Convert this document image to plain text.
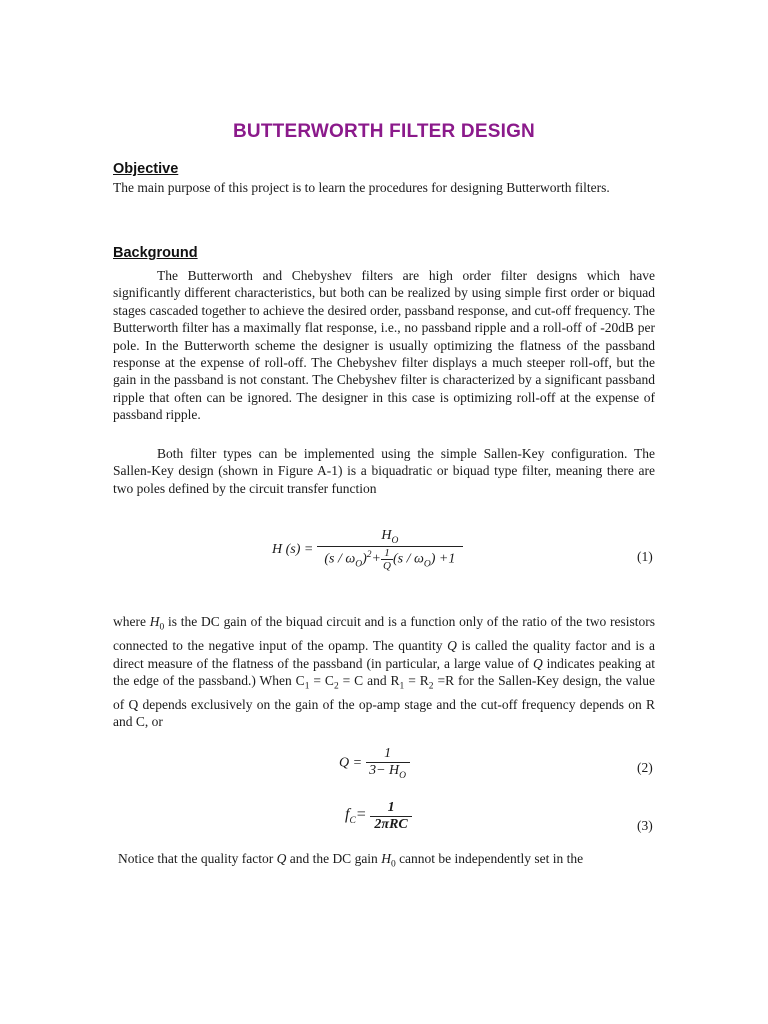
BUTTERWORTH FILTER DESIGN
Objective

The main purpose of this project is to learn the procedures for designing Butterworth filters.

Background

The Butterworth and Chebyshev filters are high order filter designs which have significantly different characteristics, but both can be realized by using simple first order or biquad stages cascaded together to achieve the desired order, passband response, and cut-off frequency. The Butterworth filter has a maximally flat response, i.e., no passband ripple and a roll-off of -20dB per pole. In the Butterworth scheme the designer is usually optimizing the flatness of the passband response at the expense of roll-off. The Chebyshev filter displays a much steeper roll-off, but the gain in the passband is not constant. The Chebyshev filter is characterized by a significant passband ripple that often can be ignored. The designer in this case is optimizing roll-off at the expense of passband ripple.

Both filter types can be implemented using the simple Sallen-Key configuration. The Sallen-Key design (shown in Figure A-1) is a biquadratic or biquad type filter, meaning there are two poles defined by the circuit transfer function

H $(s) = \frac{H_O}{(s / \omega_O)^2+ \frac{1}{Q} (s / \omega_O) +1}$	(1)

where $H_0$ is the DC gain of the biquad circuit and is a function only of the ratio of the two resistors connected to the negative input of the opamp. The quantity Q is called the quality factor and is a direct measure of the flatness of the passband (in particular, a large value of Q indicates peaking at the edge of the passband.) When $C_1 = C_2 = C$ and $R_1 = R_2 =R$ for the Sallen-Key design, the value of Q depends exclusively on the gain of the op-amp stage and the cut-off frequency depends on R and C, or

$Q = \frac{1}{3- H_O}$	(2)
$f_C= \frac{1}{\text{2πRC}}$	(3)
Notice that the quality factor Q and the DC gain $H_0$ cannot be independently set in the
